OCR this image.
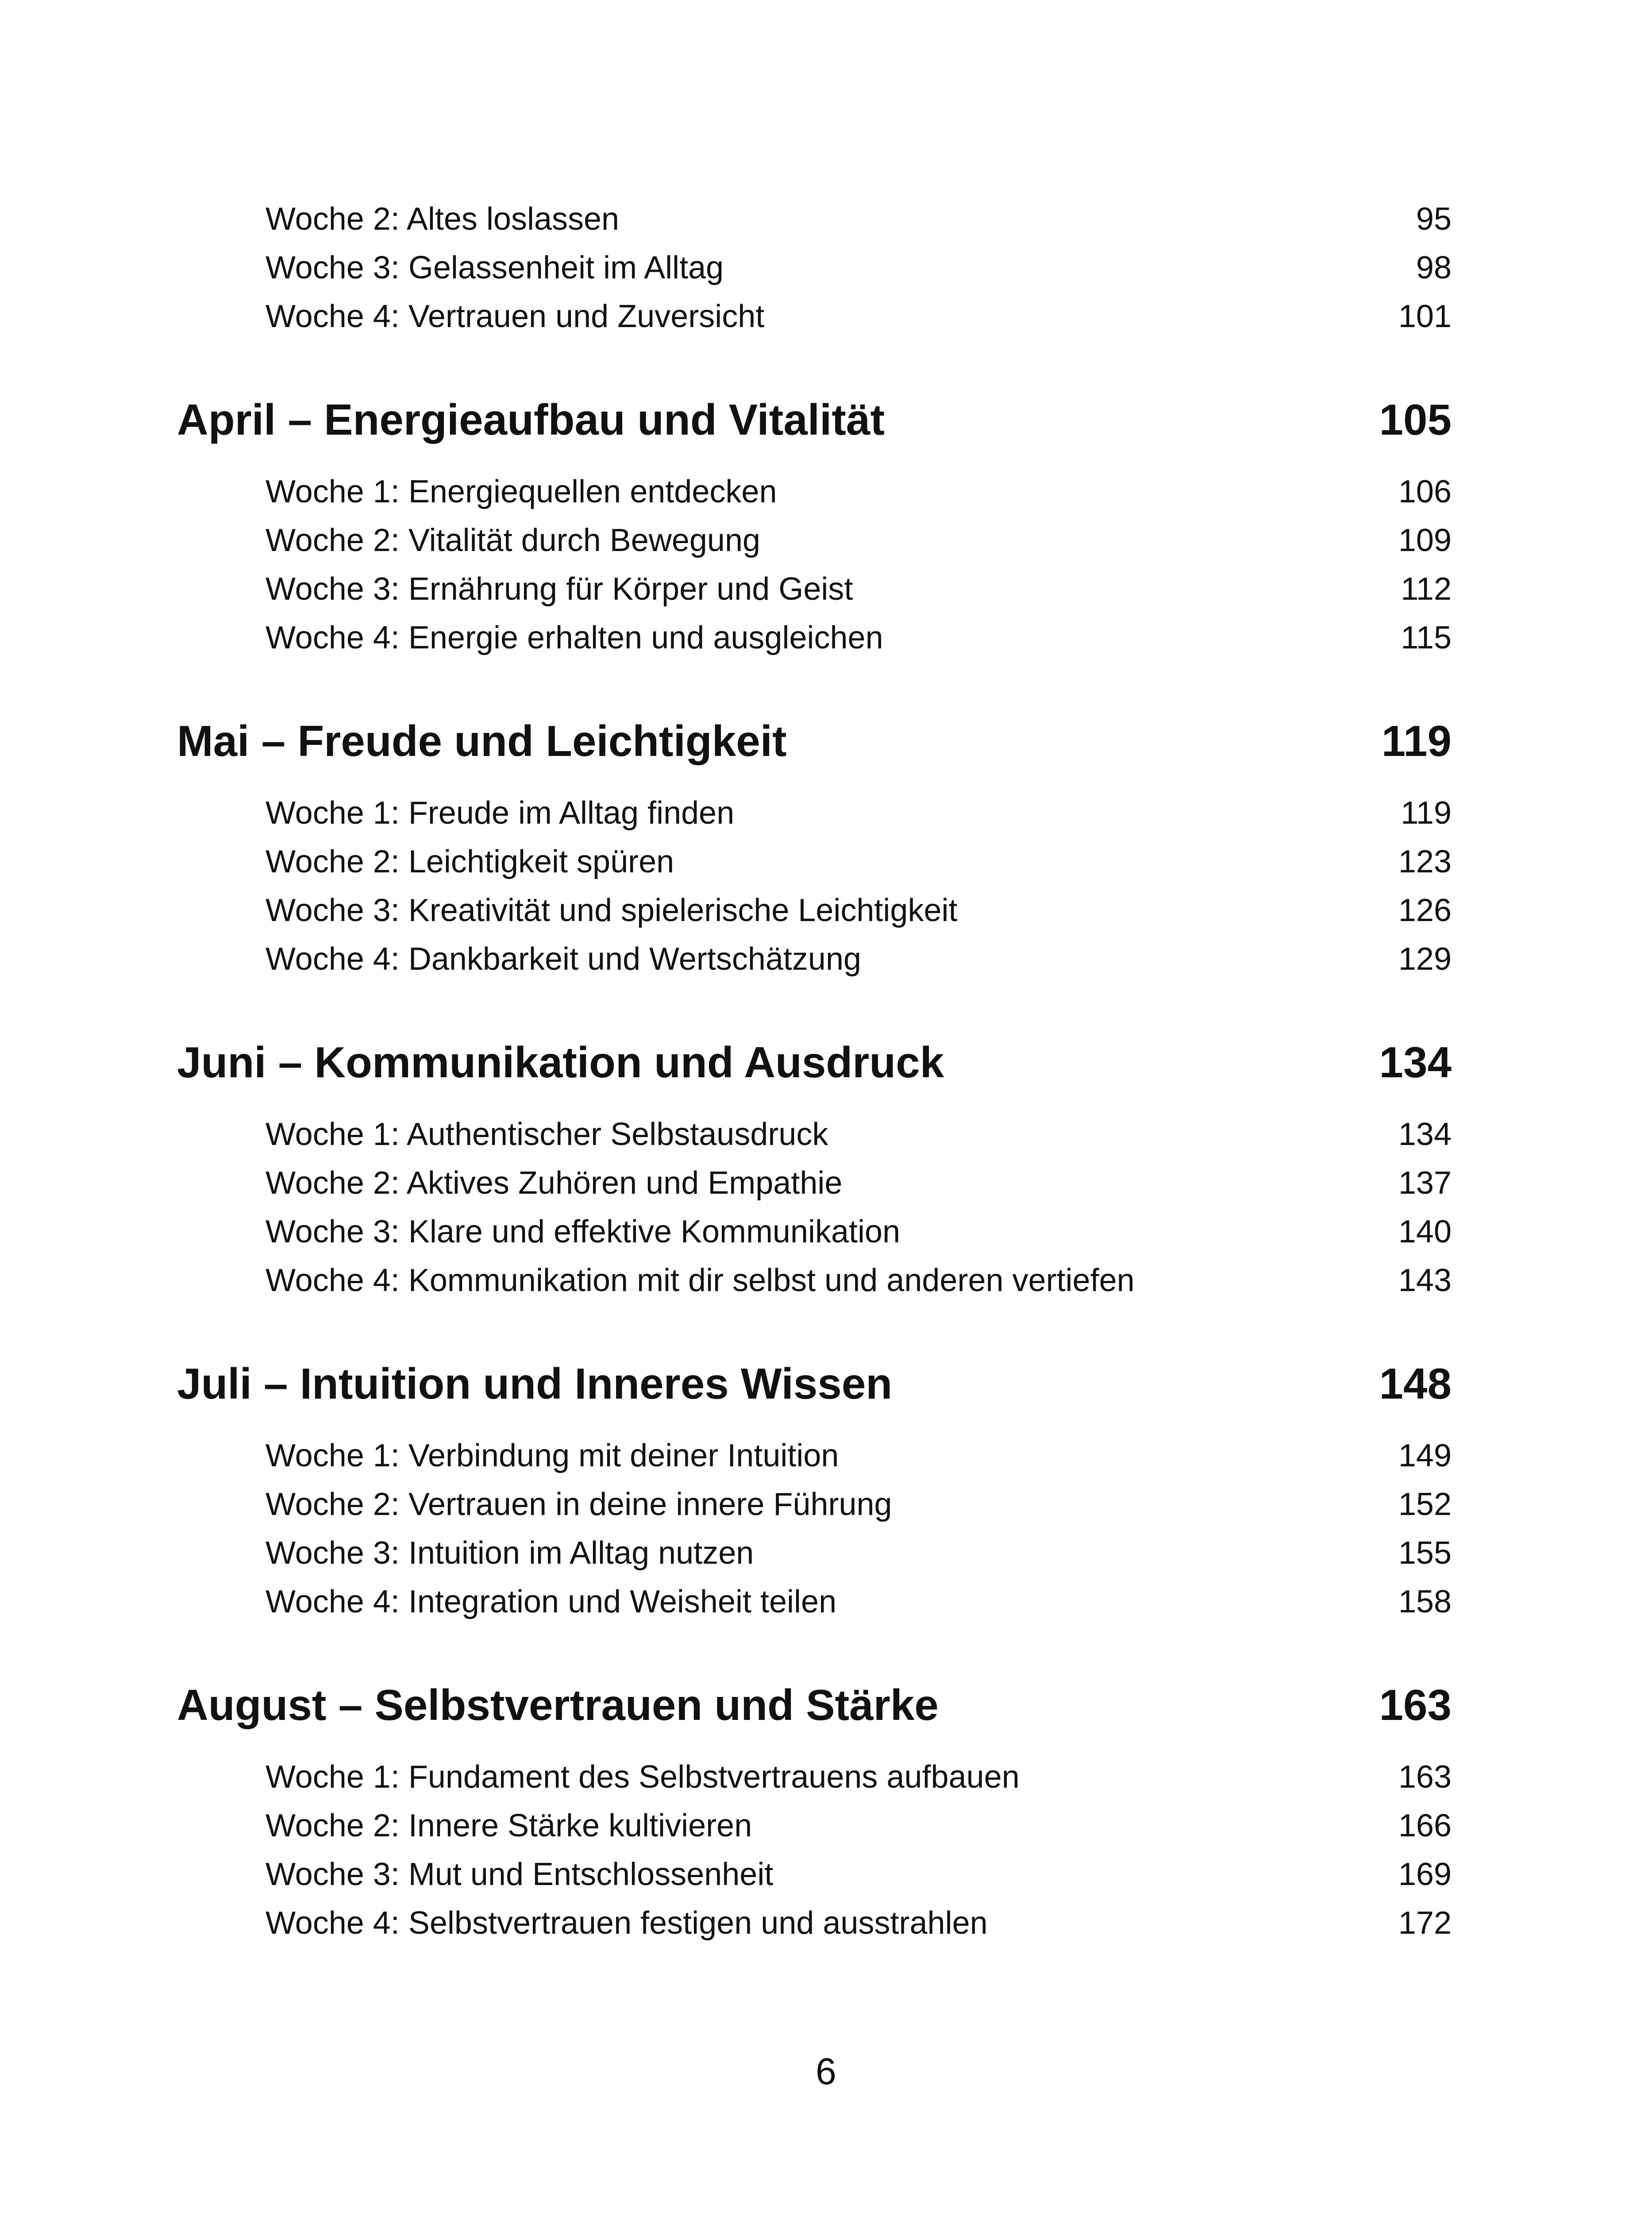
Woche 2: Altes loslassen	95
Woche 3: Gelassenheit im Alltag	98
Woche 4: Vertrauen und Zuversicht	101
April – Energieaufbau und Vitalität	105
Woche 1: Energiequellen entdecken	106
Woche 2: Vitalität durch Bewegung	109
Woche 3: Ernährung für Körper und Geist	112
Woche 4: Energie erhalten und ausgleichen	115
Mai – Freude und Leichtigkeit	119
Woche 1: Freude im Alltag finden	119
Woche 2: Leichtigkeit spüren	123
Woche 3: Kreativität und spielerische Leichtigkeit	126
Woche 4: Dankbarkeit und Wertschätzung	129
Juni – Kommunikation und Ausdruck	134
Woche 1: Authentischer Selbstausdruck	134
Woche 2: Aktives Zuhören und Empathie	137
Woche 3: Klare und effektive Kommunikation	140
Woche 4: Kommunikation mit dir selbst und anderen vertiefen	143
Juli – Intuition und Inneres Wissen	148
Woche 1: Verbindung mit deiner Intuition	149
Woche 2: Vertrauen in deine innere Führung	152
Woche 3: Intuition im Alltag nutzen	155
Woche 4: Integration und Weisheit teilen	158
August – Selbstvertrauen und Stärke	163
Woche 1: Fundament des Selbstvertrauens aufbauen	163
Woche 2: Innere Stärke kultivieren	166
Woche 3: Mut und Entschlossenheit	169
Woche 4: Selbstvertrauen festigen und ausstrahlen	172
6
